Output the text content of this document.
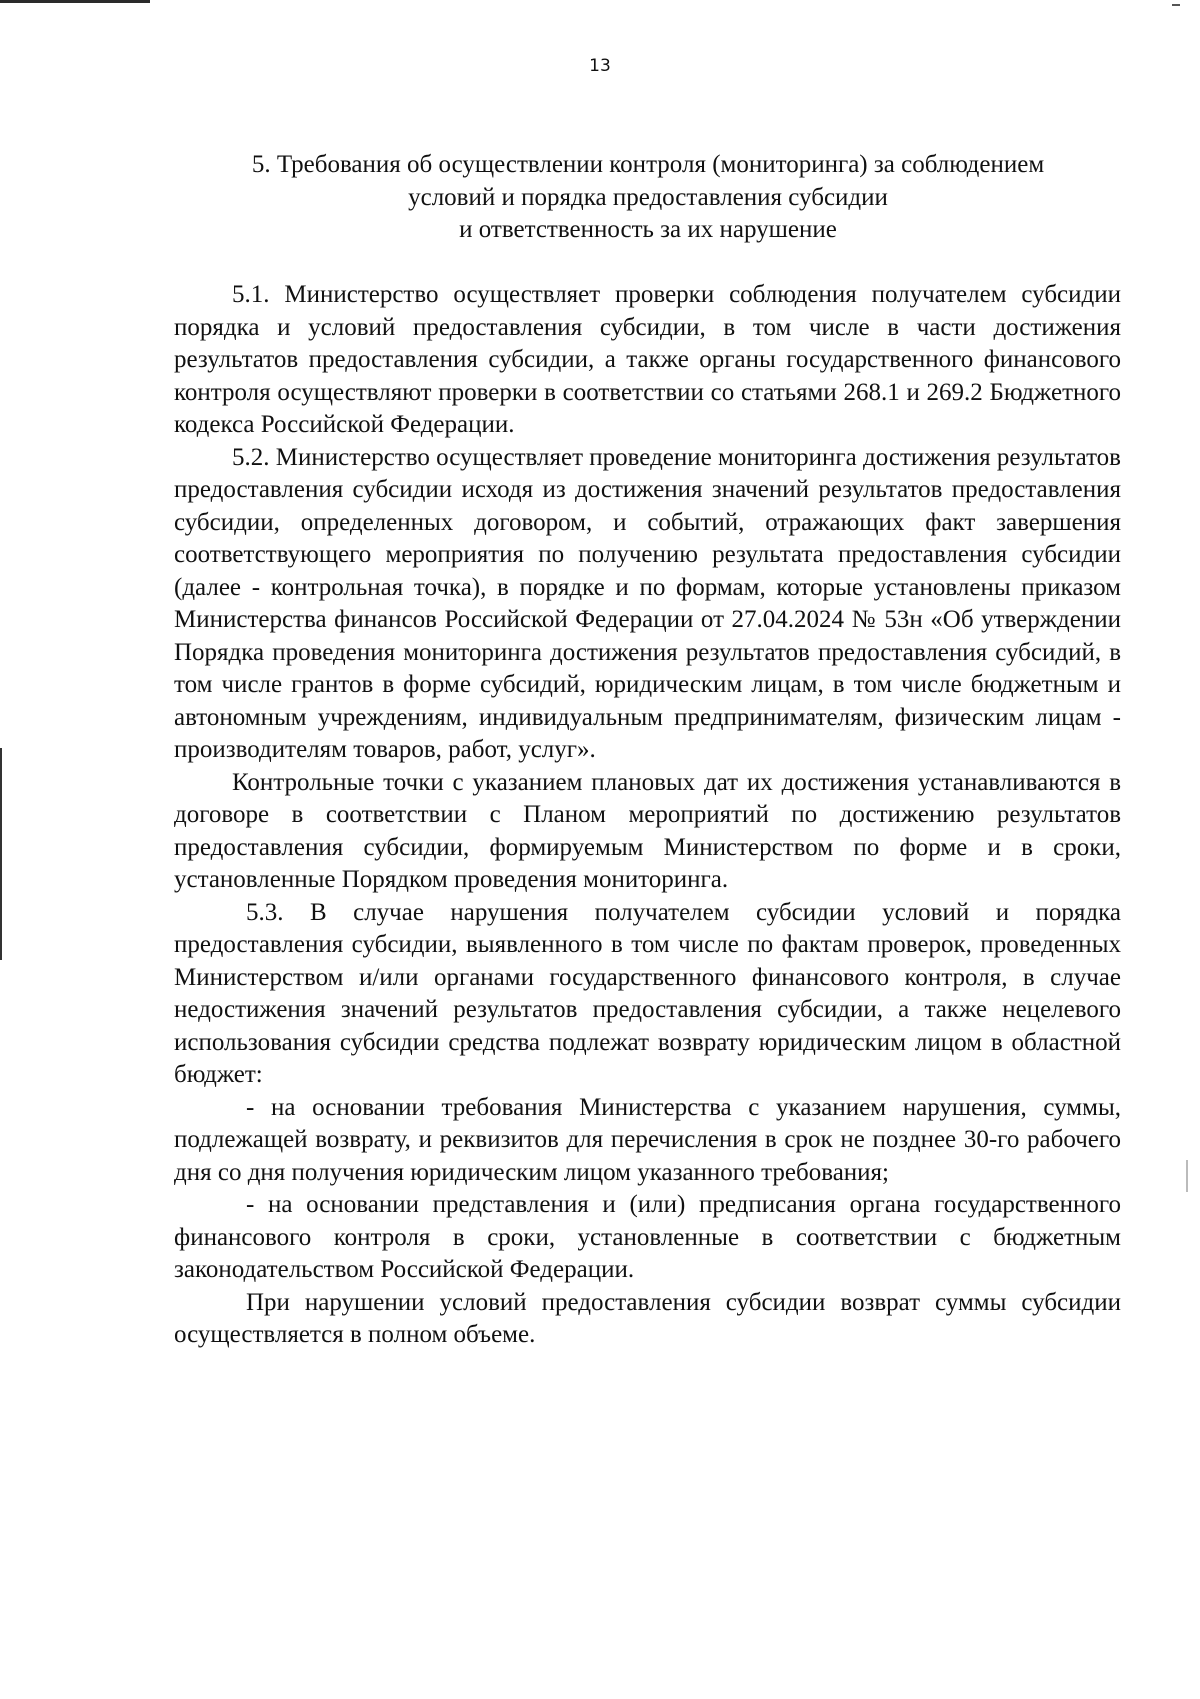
13
5. Требования об осуществлении контроля (мониторинга) за соблюдением
условий и порядка предоставления субсидии
и ответственность за их нарушение

5.1. Министерство осуществляет проверки соблюдения получателем субсидии порядка и условий предоставления субсидии, в том числе в части достижения результатов предоставления субсидии, а также органы государственного финансового контроля осуществляют проверки в соответствии со статьями 268.1 и 269.2 Бюджетного кодекса Российской Федерации.

5.2. Министерство осуществляет проведение мониторинга достижения результатов предоставления субсидии исходя из достижения значений результатов предоставления субсидии, определенных договором, и событий, отражающих факт завершения соответствующего мероприятия по получению результата предоставления субсидии (далее - контрольная точка), в порядке и по формам, которые установлены приказом Министерства финансов Российской Федерации от 27.04.2024 № 53н «Об утверждении Порядка проведения мониторинга достижения результатов предоставления субсидий, в том числе грантов в форме субсидий, юридическим лицам, в том числе бюджетным и автономным учреждениям, индивидуальным предпринимателям, физическим лицам - производителям товаров, работ, услуг».

Контрольные точки с указанием плановых дат их достижения устанавливаются в договоре в соответствии с Планом мероприятий по достижению результатов предоставления субсидии, формируемым Министерством по форме и в сроки, установленные Порядком проведения мониторинга.

5.3. В случае нарушения получателем субсидии условий и порядка предоставления субсидии, выявленного в том числе по фактам проверок, проведенных Министерством и/или органами государственного финансового контроля, в случае недостижения значений результатов предоставления субсидии, а также нецелевого использования субсидии средства подлежат возврату юридическим лицом в областной бюджет:

- на основании требования Министерства с указанием нарушения, суммы, подлежащей возврату, и реквизитов для перечисления в срок не позднее 30-го рабочего дня со дня получения юридическим лицом указанного требования;

- на основании представления и (или) предписания органа государственного финансового контроля в сроки, установленные в соответствии с бюджетным законодательством Российской Федерации.

При нарушении условий предоставления субсидии возврат суммы субсидии осуществляется в полном объеме.
